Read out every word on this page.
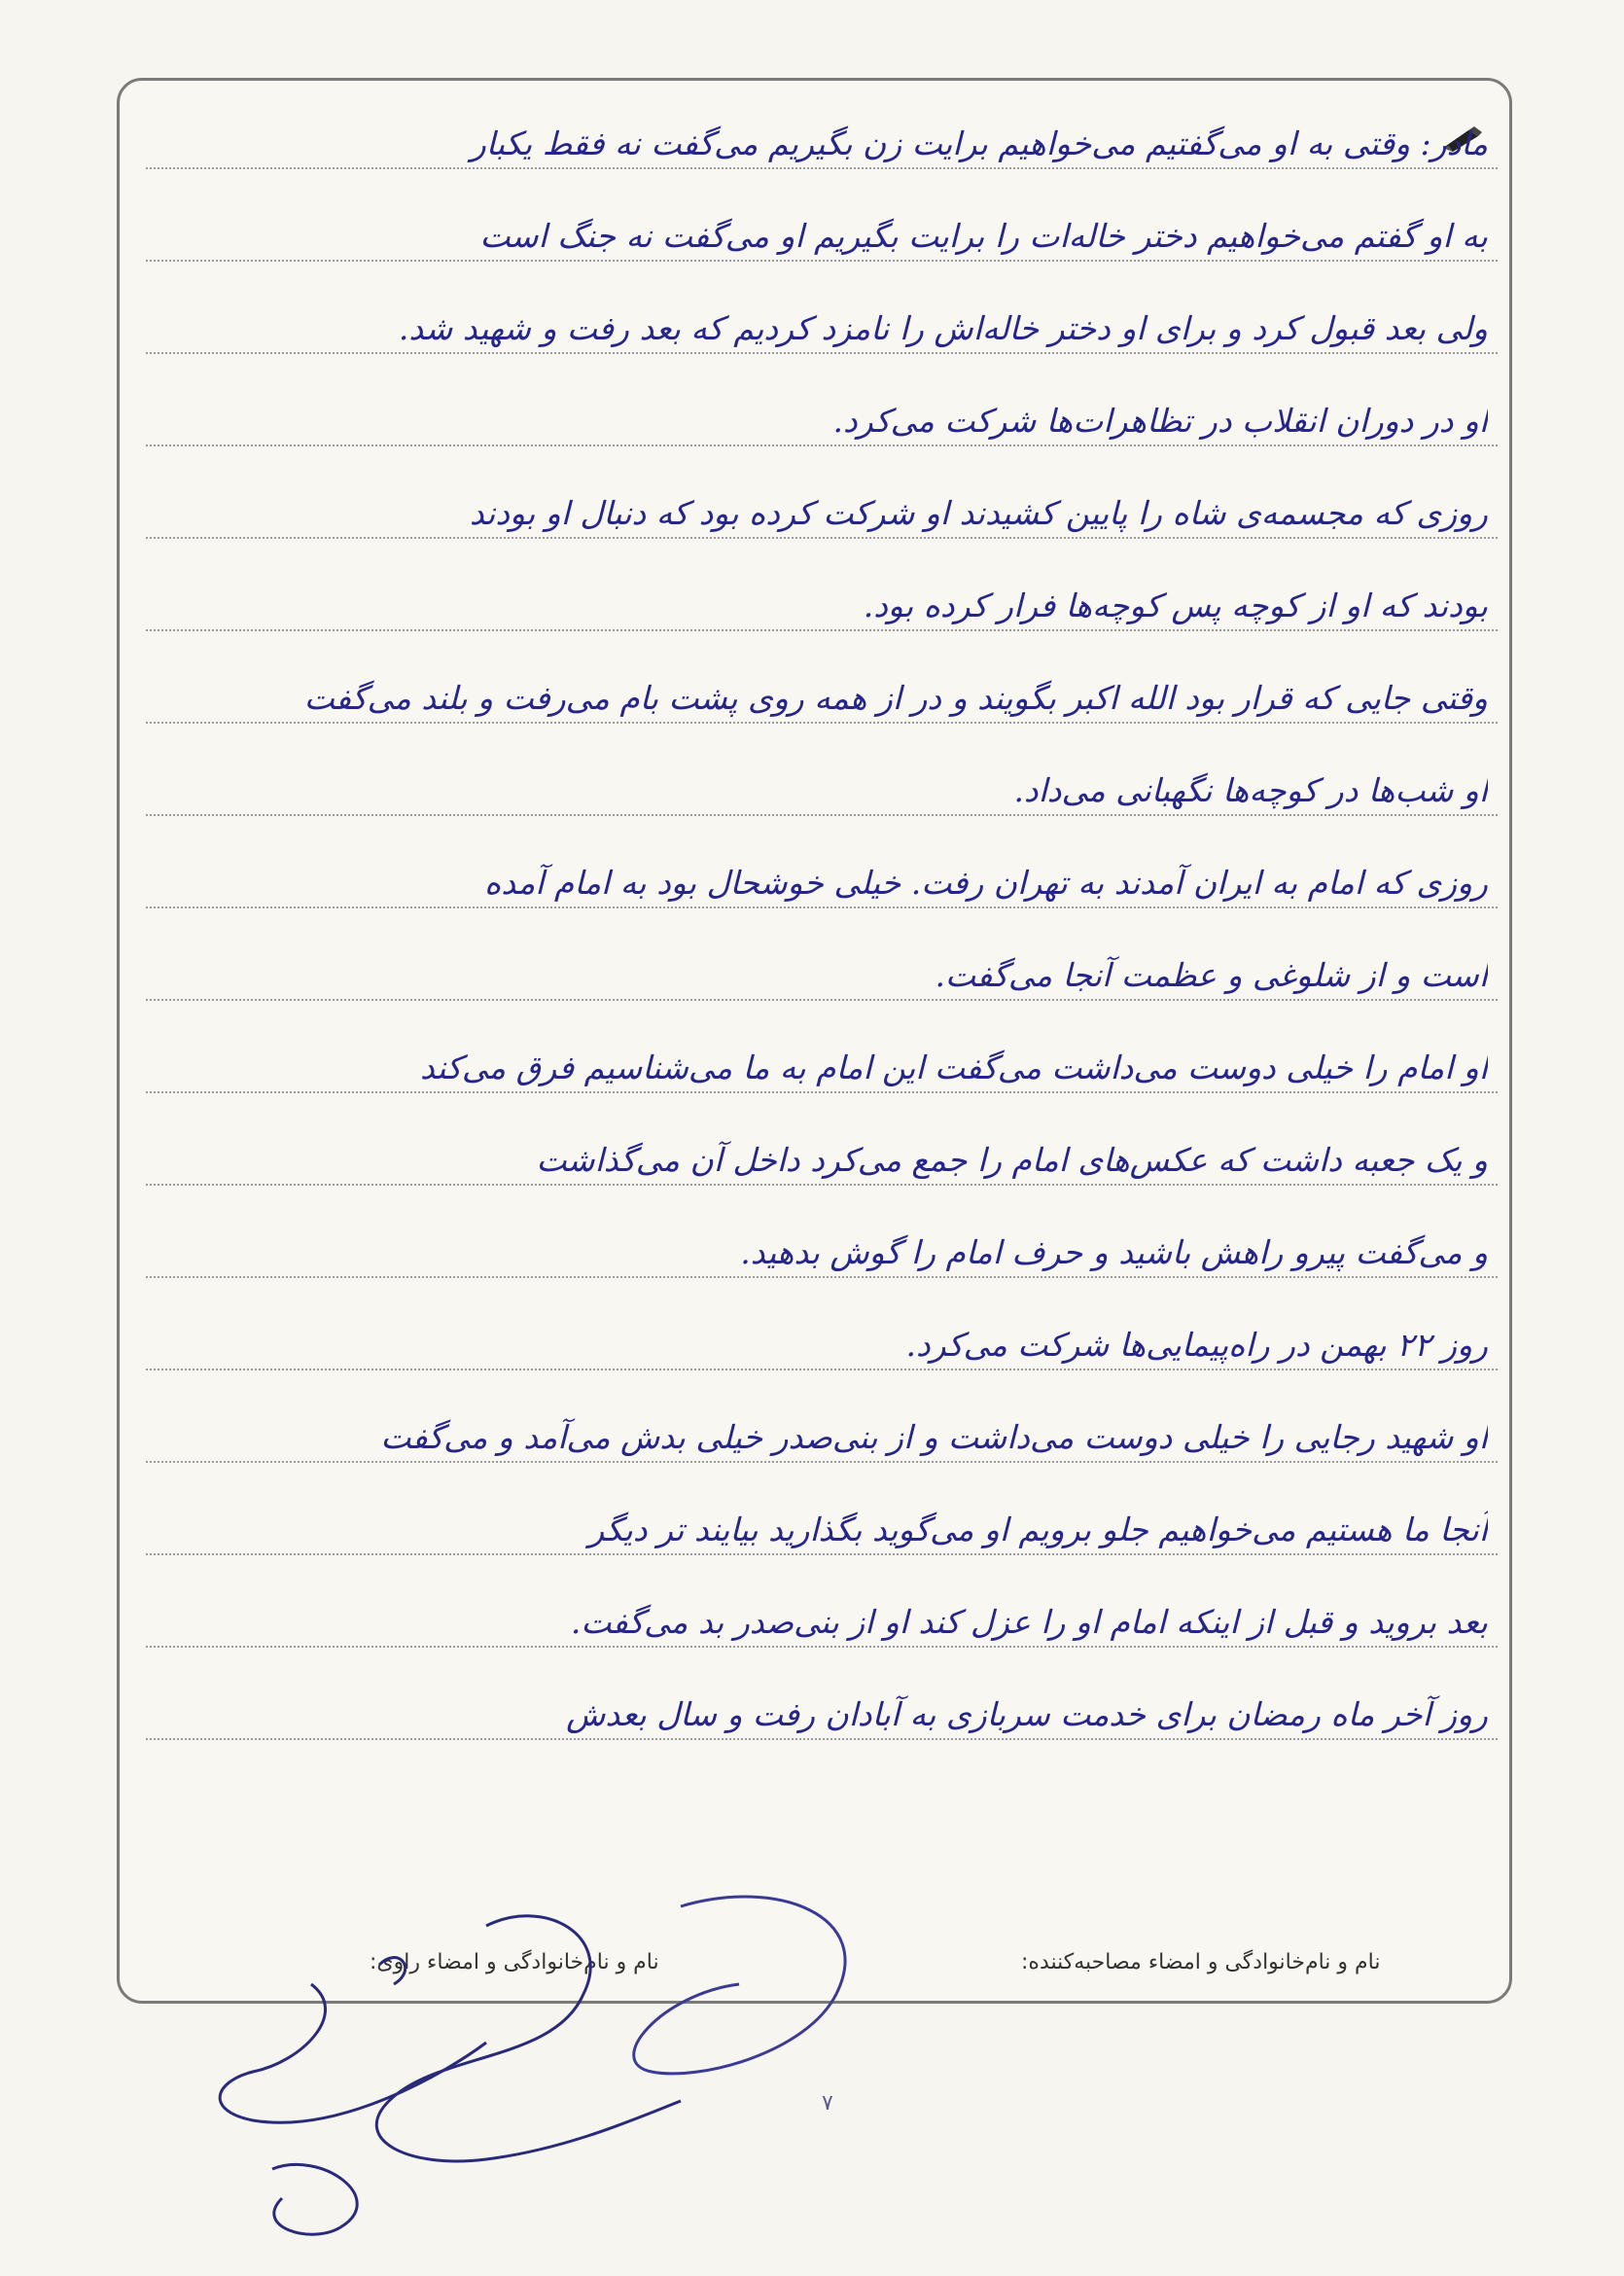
مادر: وقتی به او می‌گفتیم می‌خواهیم برایت زن بگیریم می‌گفت نه فقط یکبار
به او گفتم می‌خواهیم دختر خاله‌ات را برایت بگیریم او می‌گفت نه جنگ است
ولی بعد قبول کرد و برای او دختر خاله‌اش را نامزد کردیم که بعد رفت و شهید شد.
او در دوران انقلاب در تظاهرات‌ها شرکت می‌کرد.
روزی که مجسمه‌ی شاه را پایین کشیدند او شرکت کرده بود که دنبال او بودند
بودند که او از کوچه پس کوچه‌ها فرار کرده بود.
وقتی جایی که قرار بود الله اکبر بگویند و در از همه روی پشت بام می‌رفت و بلند می‌گفت
او شب‌ها در کوچه‌ها نگهبانی می‌داد.
روزی که امام به ایران آمدند به تهران رفت. خیلی خوشحال بود به امام آمده
است و از شلوغی و عظمت آنجا می‌گفت.
او امام را خیلی دوست می‌داشت می‌گفت این امام به ما می‌شناسیم فرق می‌کند
و یک جعبه داشت که عکس‌های امام را جمع می‌کرد داخل آن می‌گذاشت
و می‌گفت پیرو راهش باشید و حرف امام را گوش بدهید.
روز ۲۲ بهمن در راه‌پیمایی‌ها شرکت می‌کرد.
او شهید رجایی را خیلی دوست می‌داشت و از بنی‌صدر خیلی بدش می‌آمد و می‌گفت
آنجا ما هستیم می‌خواهیم جلو برویم او می‌گوید بگذارید بیایند تر دیگر
بعد بروید و قبل از اینکه امام او را عزل کند او از بنی‌صدر بد می‌گفت.
روز آخر ماه رمضان برای خدمت سربازی به آبادان رفت و سال بعدش
نام و نام‌خانوادگی و امضاء مصاحبه‌کننده:
نام و نام‌خانوادگی و امضاء راوی:
۷
